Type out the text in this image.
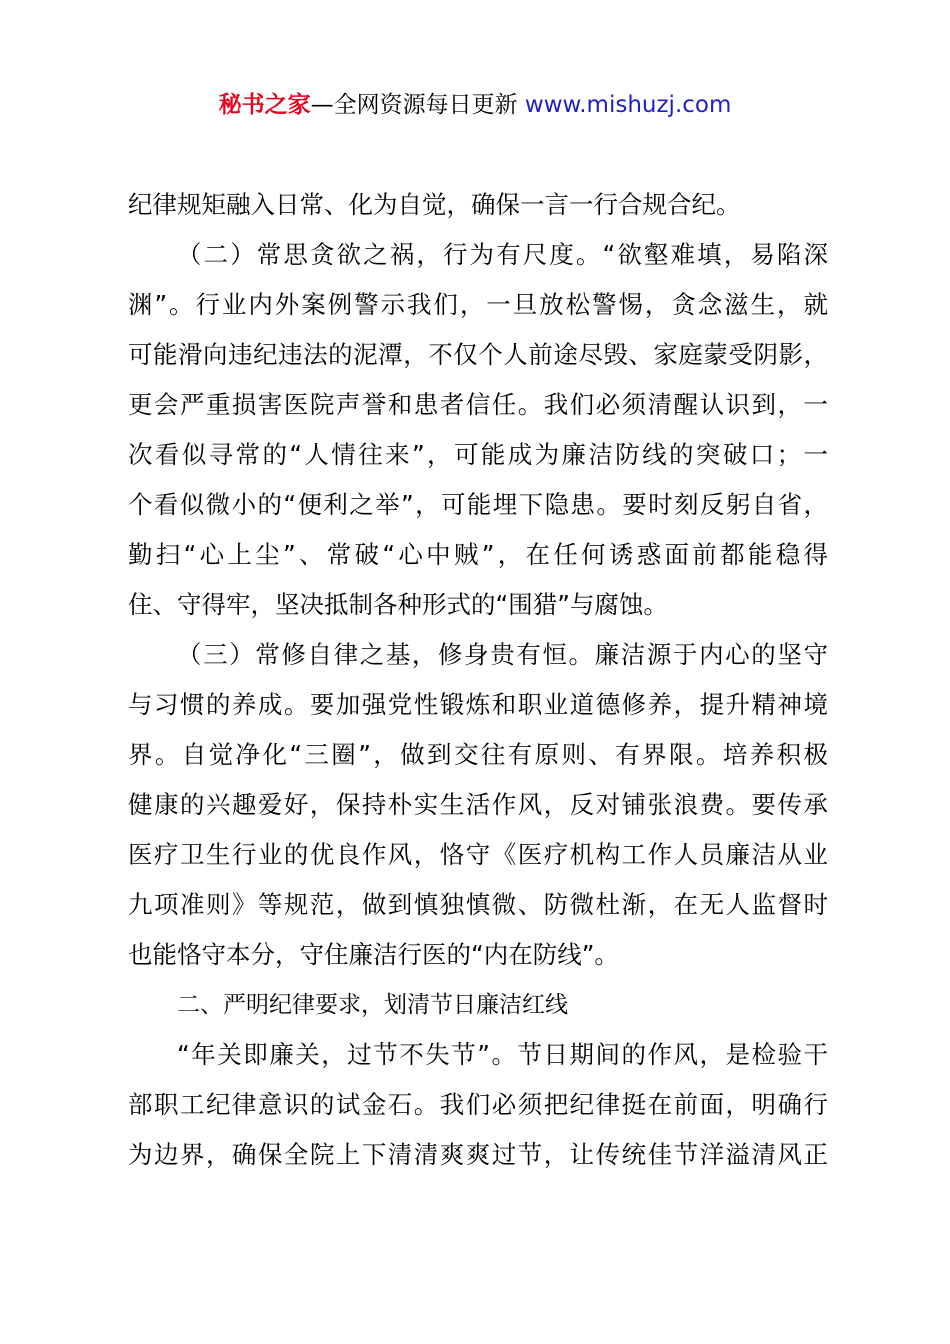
秘书之家—全网资源每日更新 www.mishuzj.com
纪律规矩融入日常、化为自觉，确保一言一行合规合纪。
（二）常思贪欲之祸，行为有尺度。“欲壑难填，易陷深
渊”。行业内外案例警示我们，一旦放松警惕，贪念滋生，就
可能滑向违纪违法的泥潭，不仅个人前途尽毁、家庭蒙受阴影，
更会严重损害医院声誉和患者信任。我们必须清醒认识到，一
次看似寻常的“人情往来”，可能成为廉洁防线的突破口；一
个看似微小的“便利之举”，可能埋下隐患。要时刻反躬自省，
勤扫“心上尘”、常破“心中贼”，在任何诱惑面前都能稳得
住、守得牢，坚决抵制各种形式的“围猎”与腐蚀。
（三）常修自律之基，修身贵有恒。廉洁源于内心的坚守
与习惯的养成。要加强党性锻炼和职业道德修养，提升精神境
界。自觉净化“三圈”，做到交往有原则、有界限。培养积极
健康的兴趣爱好，保持朴实生活作风，反对铺张浪费。要传承
医疗卫生行业的优良作风，恪守《医疗机构工作人员廉洁从业
九项准则》等规范，做到慎独慎微、防微杜渐，在无人监督时
也能恪守本分，守住廉洁行医的“内在防线”。
二、严明纪律要求，划清节日廉洁红线
“年关即廉关，过节不失节”。节日期间的作风，是检验干
部职工纪律意识的试金石。我们必须把纪律挺在前面，明确行
为边界，确保全院上下清清爽爽过节，让传统佳节洋溢清风正
